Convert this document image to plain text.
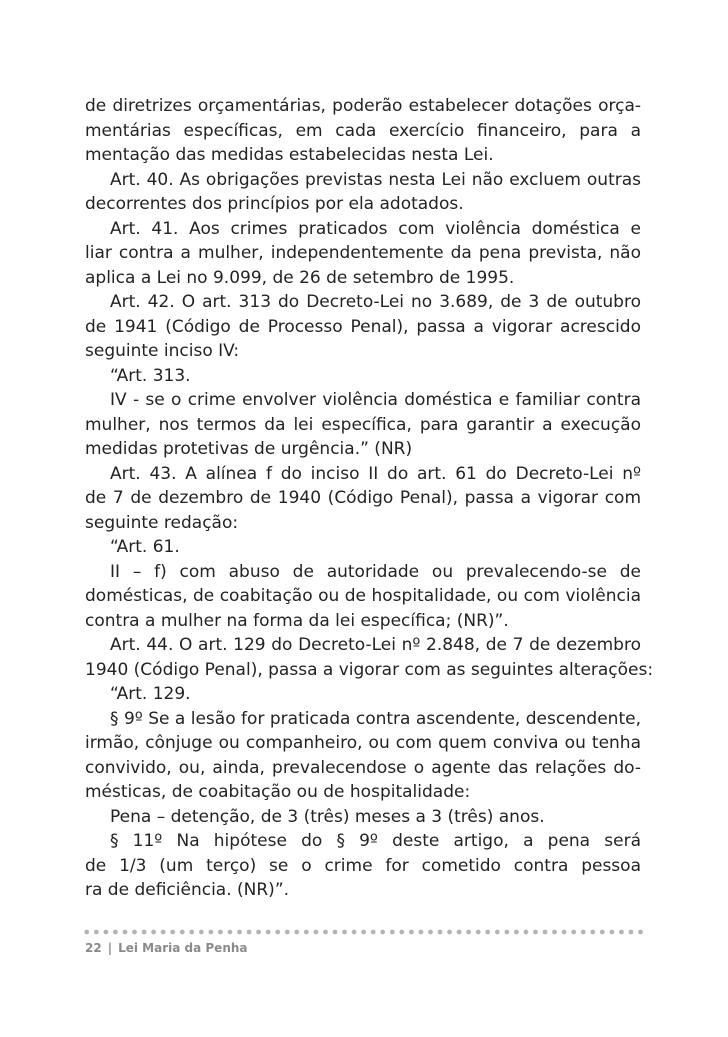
de diretrizes orçamentárias, poderão estabelecer dotações orça-
mentárias específicas, em cada exercício financeiro, para a
mentação das medidas estabelecidas nesta Lei.
Art. 40. As obrigações previstas nesta Lei não excluem outras
decorrentes dos princípios por ela adotados.
Art. 41. Aos crimes praticados com violência doméstica e
liar contra a mulher, independentemente da pena prevista, não
aplica a Lei no 9.099, de 26 de setembro de 1995.
Art. 42. O art. 313 do Decreto-Lei no 3.689, de 3 de outubro
de 1941 (Código de Processo Penal), passa a vigorar acrescido
seguinte inciso IV:
“Art. 313.
IV - se o crime envolver violência doméstica e familiar contra
mulher, nos termos da lei específica, para garantir a execução
medidas protetivas de urgência.” (NR)
Art. 43. A alínea f do inciso II do art. 61 do Decreto-Lei nº
de 7 de dezembro de 1940 (Código Penal), passa a vigorar com
seguinte redação:
“Art. 61.
II – f) com abuso de autoridade ou prevalecendo-se de
domésticas, de coabitação ou de hospitalidade, ou com violência
contra a mulher na forma da lei específica; (NR)”.
Art. 44. O art. 129 do Decreto-Lei nº 2.848, de 7 de dezembro
1940 (Código Penal), passa a vigorar com as seguintes alterações:
“Art. 129.
§ 9º Se a lesão for praticada contra ascendente, descendente,
irmão, cônjuge ou companheiro, ou com quem conviva ou tenha
convivido, ou, ainda, prevalecendose o agente das relações do-
mésticas, de coabitação ou de hospitalidade:
Pena – detenção, de 3 (três) meses a 3 (três) anos.
§ 11º Na hipótese do § 9º deste artigo, a pena será
de 1/3 (um terço) se o crime for cometido contra pessoa
ra de deficiência. (NR)”.
22 | Lei Maria da Penha
